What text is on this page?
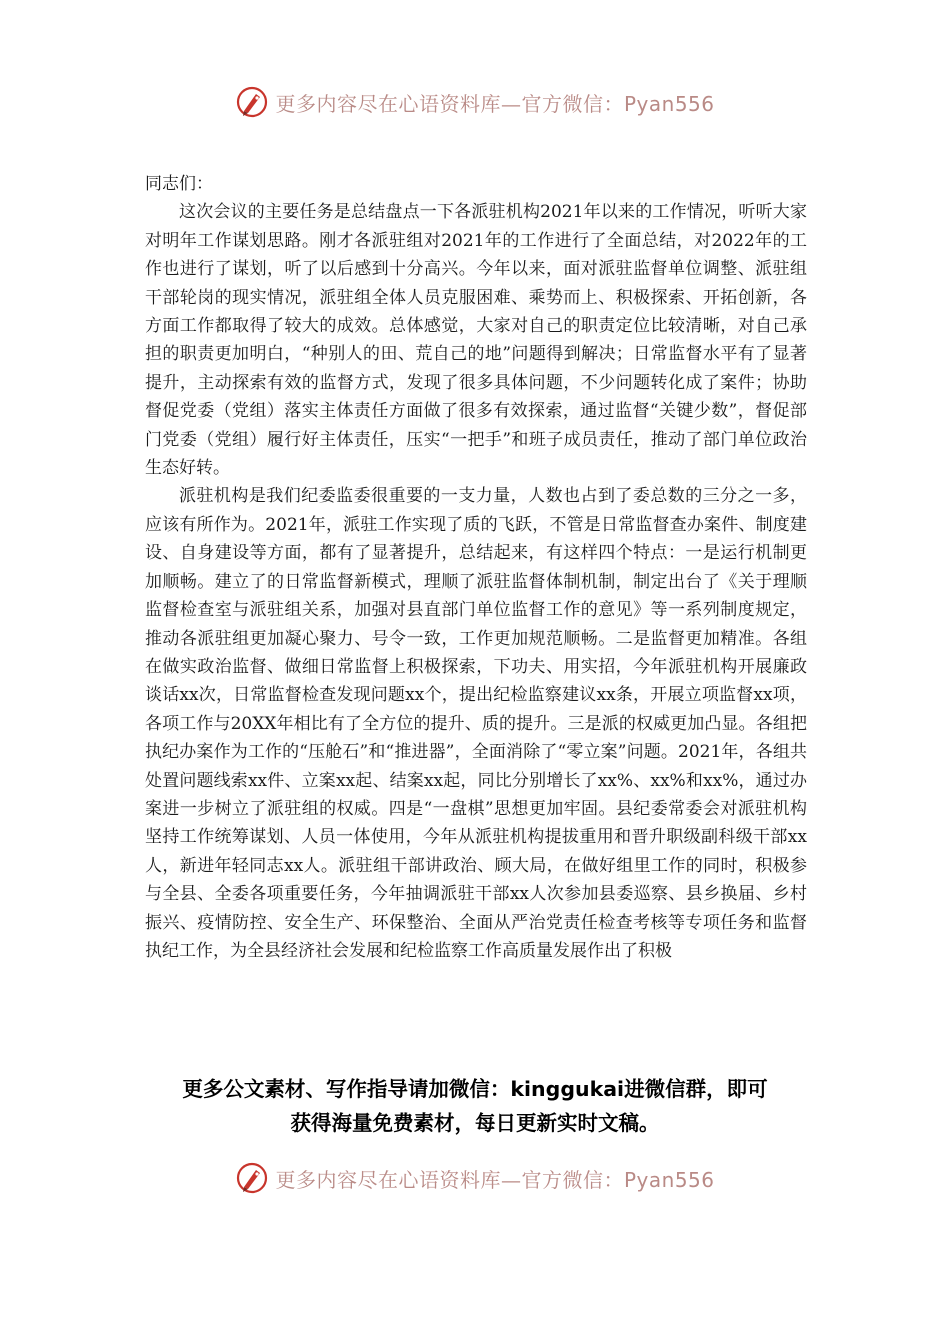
更多内容尽在心语资料库—官方微信：Pyan556

同志们：

这次会议的主要任务是总结盘点一下各派驻机构2021年以来的工作情况，听听大家对明年工作谋划思路。刚才各派驻组对2021年的工作进行了全面总结，对2022年的工作也进行了谋划，听了以后感到十分高兴。今年以来，面对派驻监督单位调整、派驻组干部轮岗的现实情况，派驻组全体人员克服困难、乘势而上、积极探索、开拓创新，各方面工作都取得了较大的成效。总体感觉，大家对自己的职责定位比较清晰，对自己承担的职责更加明白，“种别人的田、荒自己的地”问题得到解决；日常监督水平有了显著提升，主动探索有效的监督方式，发现了很多具体问题，不少问题转化成了案件；协助督促党委（党组）落实主体责任方面做了很多有效探索，通过监督“关键少数”，督促部门党委（党组）履行好主体责任，压实“一把手”和班子成员责任，推动了部门单位政治生态好转。

派驻机构是我们纪委监委很重要的一支力量，人数也占到了委总数的三分之一多，应该有所作为。2021年，派驻工作实现了质的飞跃，不管是日常监督查办案件、制度建设、自身建设等方面，都有了显著提升，总结起来，有这样四个特点：一是运行机制更加顺畅。建立了的日常监督新模式，理顺了派驻监督体制机制，制定出台了《关于理顺监督检查室与派驻组关系，加强对县直部门单位监督工作的意见》等一系列制度规定，推动各派驻组更加凝心聚力、号令一致，工作更加规范顺畅。二是监督更加精准。各组在做实政治监督、做细日常监督上积极探索，下功夫、用实招，今年派驻机构开展廉政谈话xx次，日常监督检查发现问题xx个，提出纪检监察建议xx条，开展立项监督xx项，各项工作与20XX年相比有了全方位的提升、质的提升。三是派的权威更加凸显。各组把执纪办案作为工作的“压舱石”和“推进器”，全面消除了“零立案”问题。2021年，各组共处置问题线索xx件、立案xx起、结案xx起，同比分别增长了xx%、xx%和xx%，通过办案进一步树立了派驻组的权威。四是“一盘棋”思想更加牢固。县纪委常委会对派驻机构坚持工作统筹谋划、人员一体使用，今年从派驻机构提拔重用和晋升职级副科级干部xx人，新进年轻同志xx人。派驻组干部讲政治、顾大局，在做好组里工作的同时，积极参与全县、全委各项重要任务，今年抽调派驻干部xx人次参加县委巡察、县乡换届、乡村振兴、疫情防控、安全生产、环保整治、全面从严治党责任检查考核等专项任务和监督执纪工作，为全县经济社会发展和纪检监察工作高质量发展作出了积极

更多公文素材、写作指导请加微信：kinggukai进微信群，即可
获得海量免费素材，每日更新实时文稿。
更多内容尽在心语资料库—官方微信：Pyan556
